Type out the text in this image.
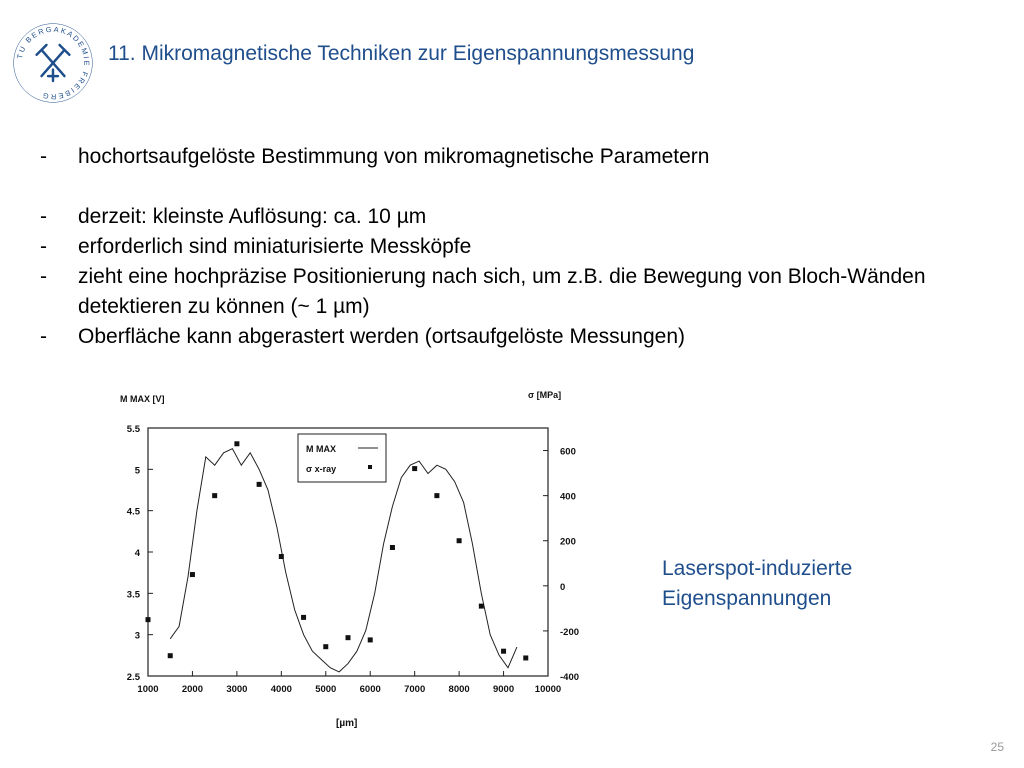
TU BERGAKADEMIE FREIBERG
11. Mikromagnetische Techniken zur Eigenspannungsmessung
- hochortsaufgelöste Bestimmung von mikromagnetische Parametern
- derzeit: kleinste Auflösung: ca. 10 µm
- erforderlich sind miniaturisierte Messköpfe
- zieht eine hochpräzise Positionierung nach sich, um z.B. die Bewegung von Bloch-Wänden detektieren zu können (~ 1 µm)
- Oberfläche kann abgerastert werden (ortsaufgelöste Messungen)
1000 2000 3000 4000 5000 6000 7000 8000 9000 10000
2.5
3
3.5
4
4.5
5
5.5
-400
-200
0
200
400
600
M MAX [V]	σ [MPa]
[µm]
M MAX
σ x-ray
Laserspot-induzierte
Eigenspannungen
25
